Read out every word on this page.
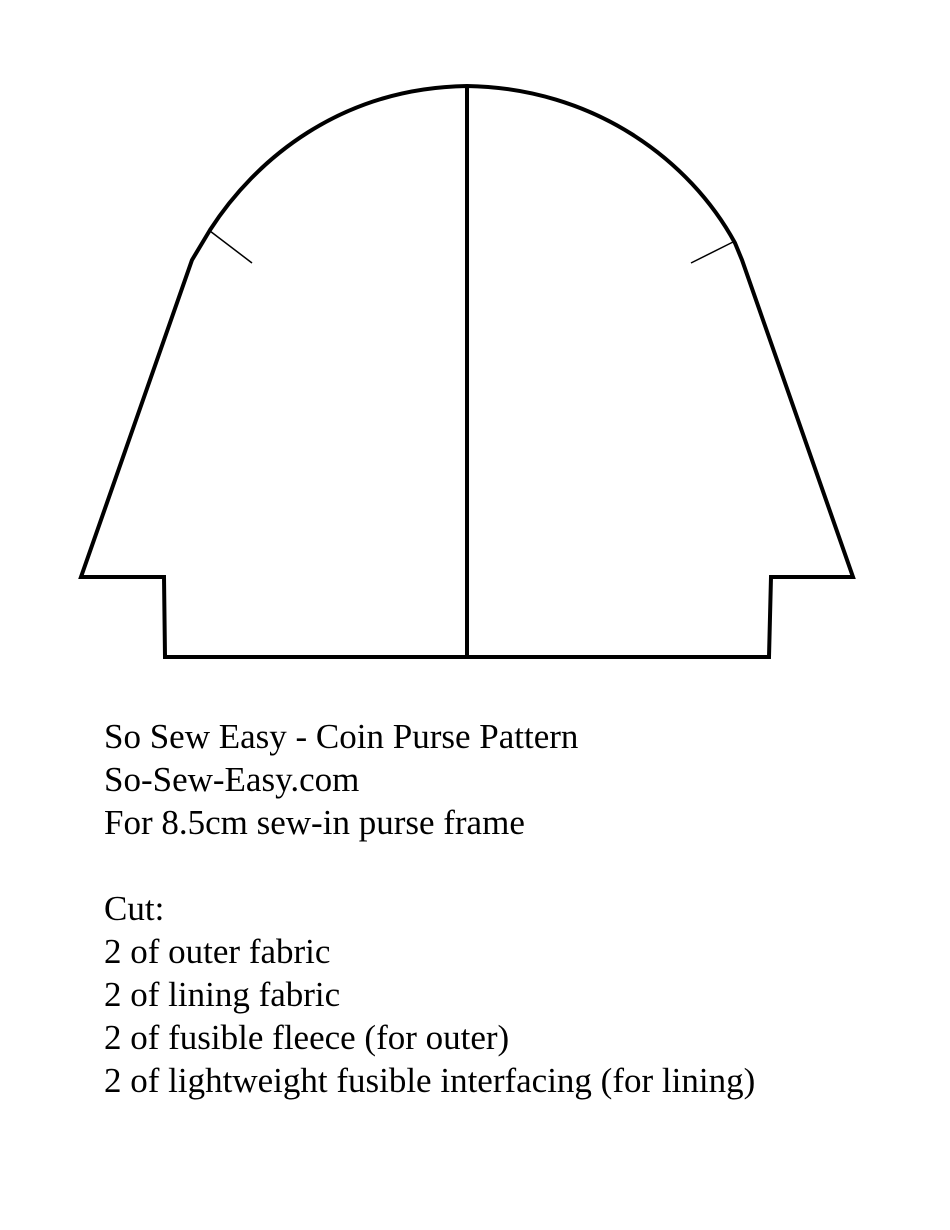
So Sew Easy - Coin Purse Pattern
So-Sew-Easy.com
For 8.5cm sew-in purse frame
Cut:
2 of outer fabric
2 of lining fabric
2 of fusible fleece (for outer)
2 of lightweight fusible interfacing (for lining)
